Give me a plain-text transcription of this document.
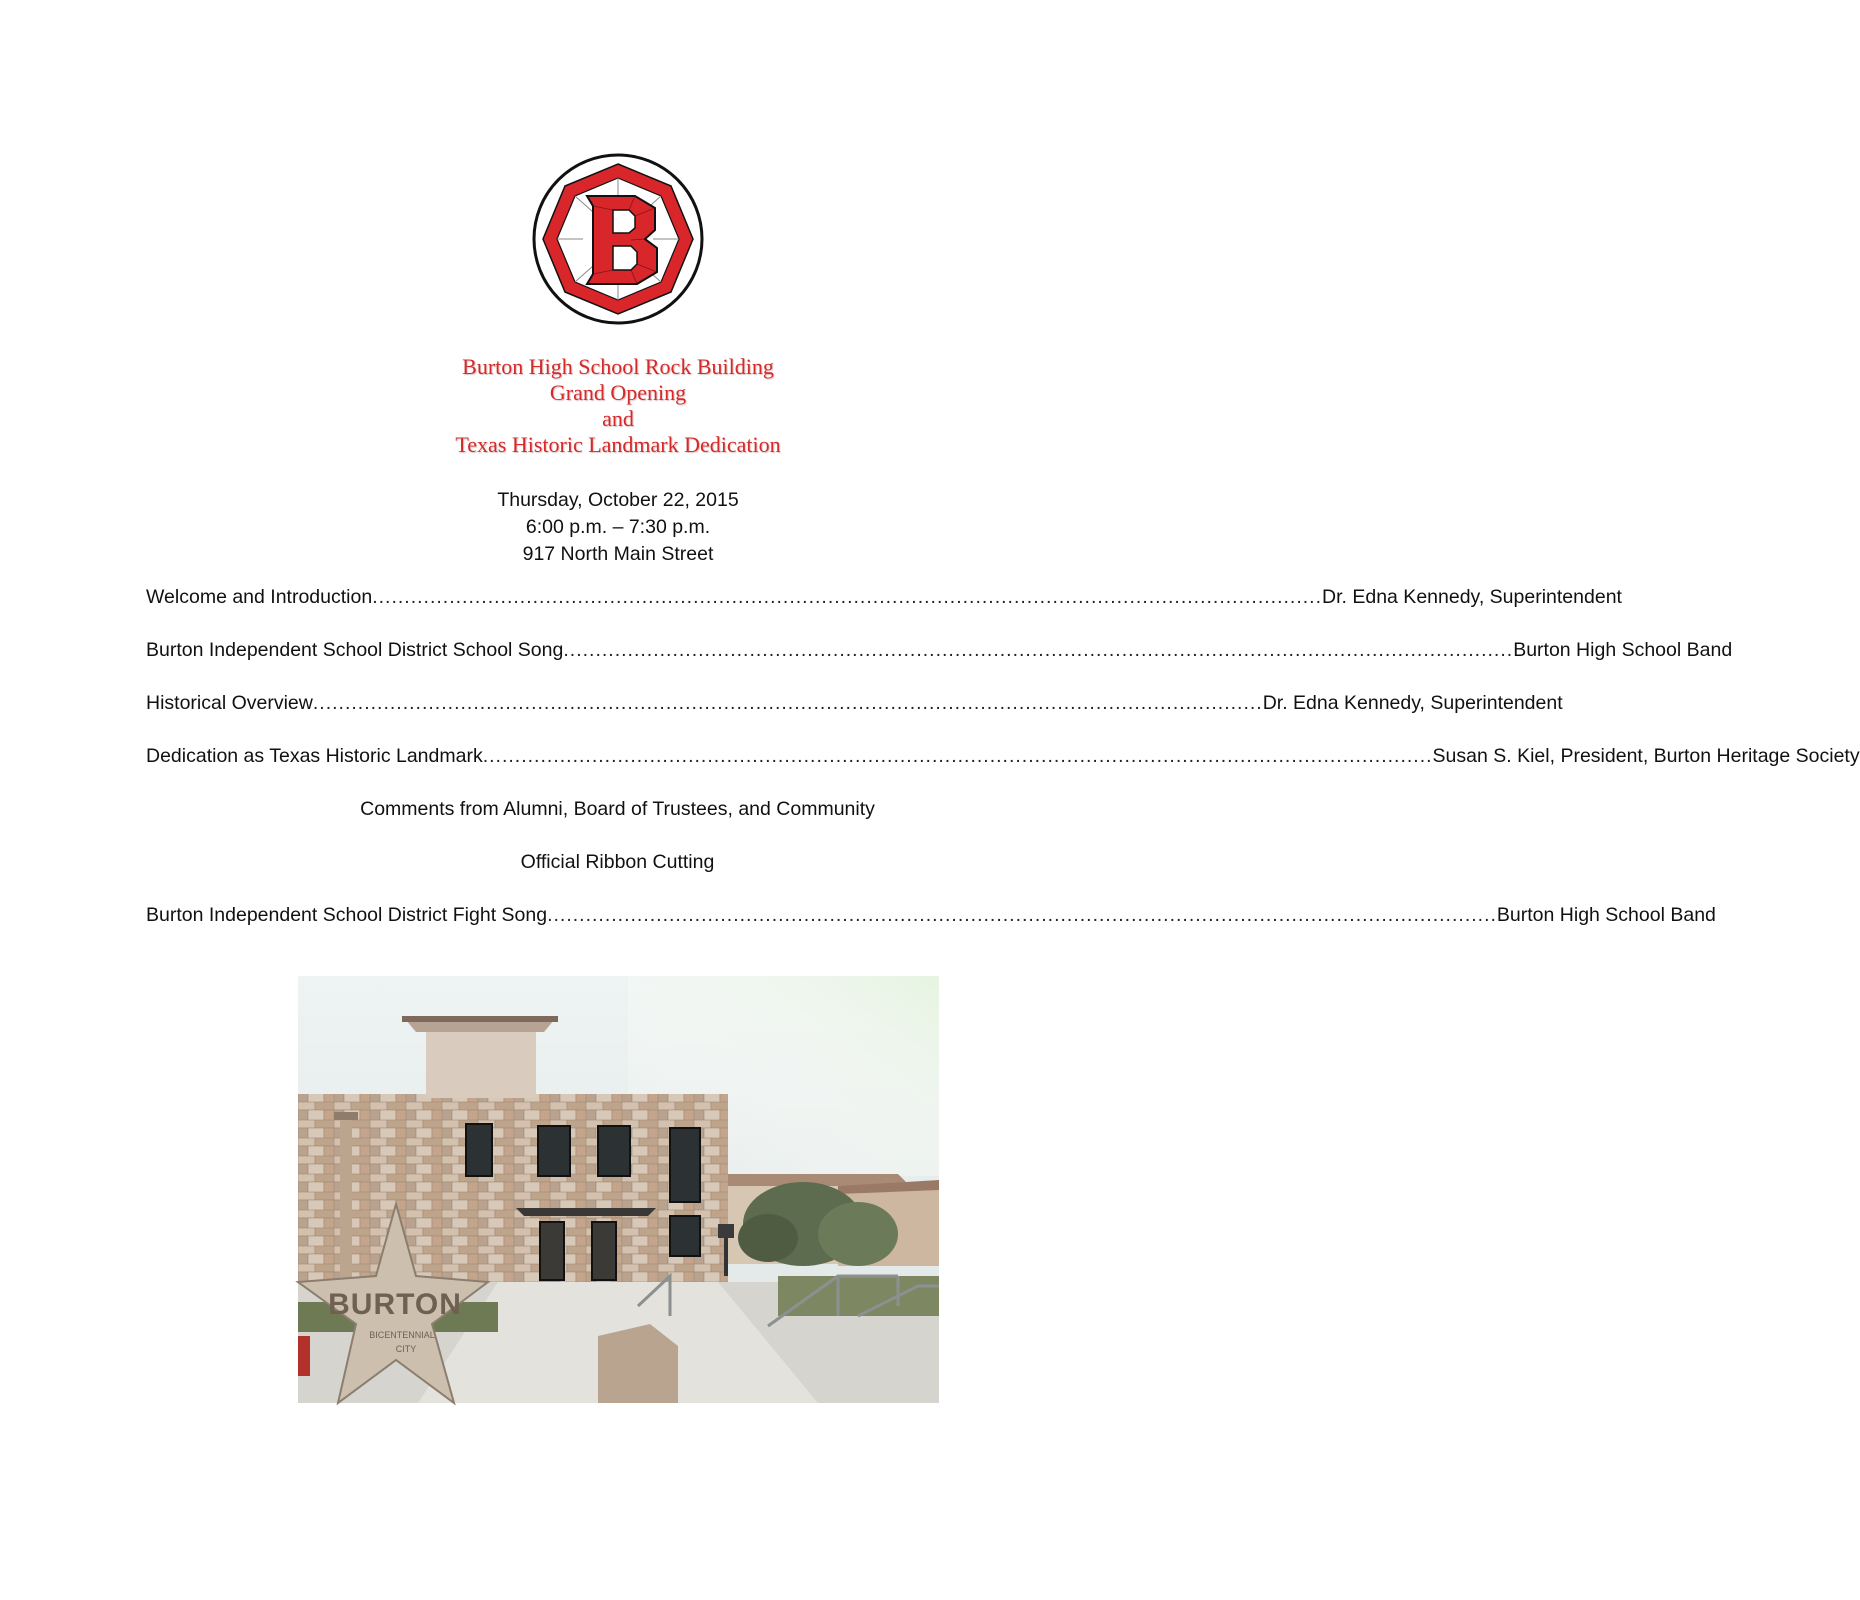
Burton High School Rock Building
Grand Opening
and
Texas Historic Landmark Dedication
Thursday, October 22, 2015
6:00 p.m. – 7:30 p.m.
917 North Main Street
Welcome and Introduction .................................................................................................................................................... Dr. Edna Kennedy, Superintendent
Burton Independent School District School Song .................................................................................................................................................... Burton High School Band
Historical Overview .................................................................................................................................................... Dr. Edna Kennedy, Superintendent
Dedication as Texas Historic Landmark .................................................................................................................................................... Susan S. Kiel, President, Burton Heritage Society
Comments from Alumni, Board of Trustees, and Community
Official Ribbon Cutting
Burton Independent School District Fight Song .................................................................................................................................................... Burton High School Band
BURTON
BICENTENNIAL
CITY
